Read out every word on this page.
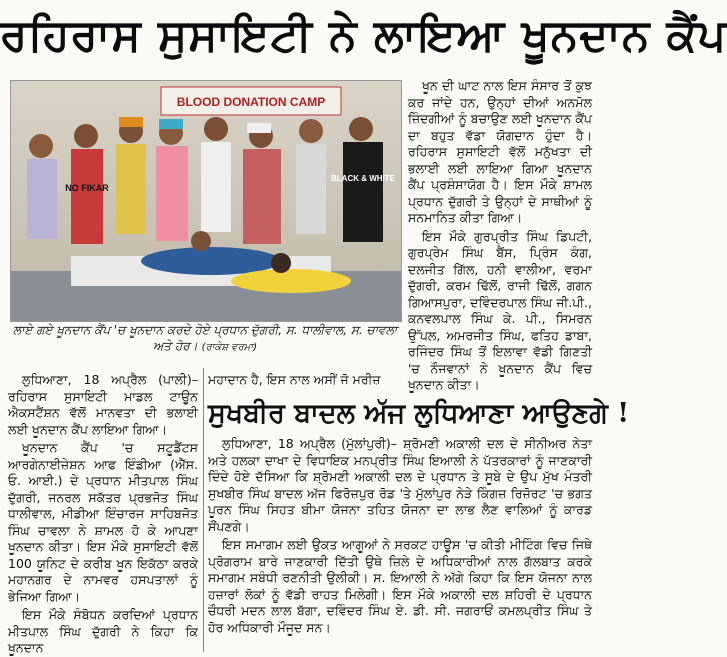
ਰਹਿਰਾਸ ਸੁਸਾਇਟੀ ਨੇ ਲਾਇਆ ਖੂਨਦਾਨ ਕੈਂਪ
BLOOD DONATION CAMP
NO FIKAR
BLACK & WHITE
ਲਾਏ ਗਏ ਖੂਨਦਾਨ ਕੈਂਪ 'ਚ ਖੂਨਦਾਨ ਕਰਦੇ ਹੋਏ ਪ੍ਰਧਾਨ ਦੁੱਗਰੀ, ਸ. ਧਾਲੀਵਾਲ, ਸ. ਚਾਵਲਾ ਅਤੇ ਹੋਰ। (ਰਾਕੇਸ਼ ਵਰਮਾ)

ਖੂਨ ਦੀ ਘਾਟ ਨਾਲ ਇਸ ਸੰਸਾਰ ਤੋਂ ਕੁਝ ਕਰ ਜਾਂਦੇ ਹਨ, ਉਨ੍ਹਾਂ ਦੀਆਂ ਅਨਮੋਲ ਜ਼ਿੰਦਗੀਆਂ ਨੂੰ ਬਚਾਉਣ ਲਈ ਖੂਨਦਾਨ ਕੈਂਪ ਦਾ ਬਹੁਤ ਵੱਡਾ ਯੋਗਦਾਨ ਹੁੰਦਾ ਹੈ। ਰਹਿਰਾਸ ਸੁਸਾਇਟੀ ਵੱਲੋਂ ਮਨੁੱਖਤਾ ਦੀ ਭਲਾਈ ਲਈ ਲਾਇਆ ਗਿਆ ਖੂਨਦਾਨ ਕੈਂਪ ਪ੍ਰਸ਼ੰਸਾਯੋਗ ਹੈ। ਇਸ ਮੌਕੇ ਸ਼ਾਮਲ ਪ੍ਰਧਾਨ ਦੁੱਗਰੀ ਤੇ ਉਨ੍ਹਾਂ ਦੇ ਸਾਥੀਆਂ ਨੂੰ ਸਨਮਾਨਿਤ ਕੀਤਾ ਗਿਆ।

ਇਸ ਮੌਕੇ ਗੁਰਪ੍ਰੀਤ ਸਿੰਘ ਡਿਪਟੀ, ਗੁਰਪ੍ਰੇਮ ਸਿੰਘ ਬੈਂਸ, ਪ੍ਰਿੰਸ ਕੰਗ, ਦਲਜੀਤ ਗਿੱਲ, ਹਨੀ ਵਾਲੀਆ, ਵਰਮਾ ਦੁੱਗਰੀ, ਕਰਮ ਢਿੱਲੋਂ, ਰਾਜੀ ਢਿੱਲੋਂ, ਗਗਨ ਗਿਆਸਪੁਰਾ, ਦਵਿੰਦਰਪਾਲ ਸਿੰਘ ਜੀ.ਪੀ., ਕਨਵਲਪਾਲ ਸਿੰਘ ਕੇ. ਪੀ., ਸਿਮਰਨ ਉੱਪਲ, ਅਮਰਜੀਤ ਸਿੰਘ, ਫਤਿਹ ਡਾਬਾ, ਰਜਿੰਦਰ ਸਿੰਘ ਤੋਂ ਇਲਾਵਾ ਵੱਡੀ ਗਿਣਤੀ 'ਚ ਨੌਜਵਾਨਾਂ ਨੇ ਖੂਨਦਾਨ ਕੈਂਪ ਵਿਚ ਖੂਨਦਾਨ ਕੀਤਾ।

ਲੁਧਿਆਣਾ, 18 ਅਪ੍ਰੈਲ (ਪਾਲੀ)– ਰਹਿਰਾਸ ਸੁਸਾਇਟੀ ਮਾਡਲ ਟਾਊਨ ਐਕਸਟੈਂਸ਼ਨ ਵੱਲੋਂ ਮਾਨਵਤਾ ਦੀ ਭਲਾਈ ਲਈ ਖੂਨਦਾਨ ਕੈਂਪ ਲਾਇਆ ਗਿਆ।

ਖੂਨਦਾਨ ਕੈਂਪ 'ਚ ਸਟੂਡੈਂਟਸ ਆਰਗੇਨਾਈਜ਼ੇਸ਼ਨ ਆਫ ਇੰਡੀਆ (ਐੱਸ. ਓ. ਆਈ.) ਦੇ ਪ੍ਰਧਾਨ ਮੀਤਪਾਲ ਸਿੰਘ ਦੁੱਗਰੀ, ਜਨਰਲ ਸਕੱਤਰ ਪ੍ਰਭਜੋਤ ਸਿੰਘ ਧਾਲੀਵਾਲ, ਮੀਡੀਆ ਇੰਚਾਰਜ ਸਾਹਿਬਜੋਤ ਸਿੰਘ ਚਾਵਲਾ ਨੇ ਸ਼ਾਮਲ ਹੋ ਕੇ ਆਪਣਾ ਖੂਨਦਾਨ ਕੀਤਾ। ਇਸ ਮੌਕੇ ਸੁਸਾਇਟੀ ਵੱਲੋਂ 100 ਯੂਨਿਟ ਦੇ ਕਰੀਬ ਖੂਨ ਇਕੱਠਾ ਕਰਕੇ ਮਹਾਨਗਰ ਦੇ ਨਾਮਵਰ ਹਸਪਤਾਲਾਂ ਨੂੰ ਭੇਜਿਆ ਗਿਆ।

ਇਸ ਮੌਕੇ ਸੰਬੋਧਨ ਕਰਦਿਆਂ ਪ੍ਰਧਾਨ ਮੀਤਪਾਲ ਸਿੰਘ ਦੁੱਗਰੀ ਨੇ ਕਿਹਾ ਕਿ ਖੂਨਦਾਨ

ਮਹਾਦਾਨ ਹੈ, ਇਸ ਨਾਲ ਅਸੀਂ ਜੋ ਮਰੀਜ਼
ਸੁਖਬੀਰ ਬਾਦਲ ਅੱਜ ਲੁਧਿਆਣਾ ਆਉਣਗੇ !

ਲੁਧਿਆਣਾ, 18 ਅਪ੍ਰੈਲ (ਮੁੱਲਾਂਪੁਰੀ)– ਸ਼੍ਰੋਮਣੀ ਅਕਾਲੀ ਦਲ ਦੇ ਸੀਨੀਅਰ ਨੇਤਾ ਅਤੇ ਹਲਕਾ ਦਾਖਾ ਦੇ ਵਿਧਾਇਕ ਮਨਪ੍ਰੀਤ ਸਿੰਘ ਇਆਲੀ ਨੇ ਪੱਤਰਕਾਰਾਂ ਨੂੰ ਜਾਣਕਾਰੀ ਦਿੰਦੇ ਹੋਏ ਦੱਸਿਆ ਕਿ ਸ਼੍ਰੋਮਣੀ ਅਕਾਲੀ ਦਲ ਦੇ ਪ੍ਰਧਾਨ ਤੇ ਸੂਬੇ ਦੇ ਉਪ ਮੁੱਖ ਮੰਤਰੀ ਸੁਖਬੀਰ ਸਿੰਘ ਬਾਦਲ ਅੱਜ ਫਿਰੋਜ਼ਪੁਰ ਰੋਡ 'ਤੇ ਮੁੱਲਾਂਪੁਰ ਨੇੜੇ ਕਿੰਗਜ਼ ਰਿਜ਼ੋਰਟ 'ਚ ਭਗਤ ਪੂਰਨ ਸਿੰਘ ਸਿਹਤ ਬੀਮਾ ਯੋਜਨਾ ਤਹਿਤ ਯੋਜਨਾ ਦਾ ਲਾਭ ਲੈਣ ਵਾਲਿਆਂ ਨੂੰ ਕਾਰਡ ਸੌਂਪਣਗੇ।

ਇਸ ਸਮਾਗਮ ਲਈ ਉਕਤ ਆਗੂਆਂ ਨੇ ਸਰਕਟ ਹਾਊਸ 'ਚ ਕੀਤੀ ਮੀਟਿੰਗ ਵਿਚ ਜਿਥੇ ਪ੍ਰੋਗਰਾਮ ਬਾਰੇ ਜਾਣਕਾਰੀ ਦਿੱਤੀ ਉਥੇ ਜ਼ਿਲੇ ਦੇ ਅਧਿਕਾਰੀਆਂ ਨਾਲ ਗੱਲਬਾਤ ਕਰਕੇ ਸਮਾਗਮ ਸਬੰਧੀ ਰਣਨੀਤੀ ਉਲੀਕੀ। ਸ. ਇਆਲੀ ਨੇ ਅੱਗੇ ਕਿਹਾ ਕਿ ਇਸ ਯੋਜਨਾ ਨਾਲ ਹਜ਼ਾਰਾਂ ਲੋਕਾਂ ਨੂੰ ਵੱਡੀ ਰਾਹਤ ਮਿਲੇਗੀ। ਇਸ ਮੌਕੇ ਅਕਾਲੀ ਦਲ ਸ਼ਹਿਰੀ ਦੇ ਪ੍ਰਧਾਨ ਚੌਧਰੀ ਮਦਨ ਲਾਲ ਬੱਗਾ, ਦਵਿੰਦਰ ਸਿੰਘ ਏ. ਡੀ. ਸੀ. ਜਗਰਾਓਂ ਕਮਲਪ੍ਰੀਤ ਸਿੰਘ ਤੇ ਹੋਰ ਅਧਿਕਾਰੀ ਮੌਜੂਦ ਸਨ।
